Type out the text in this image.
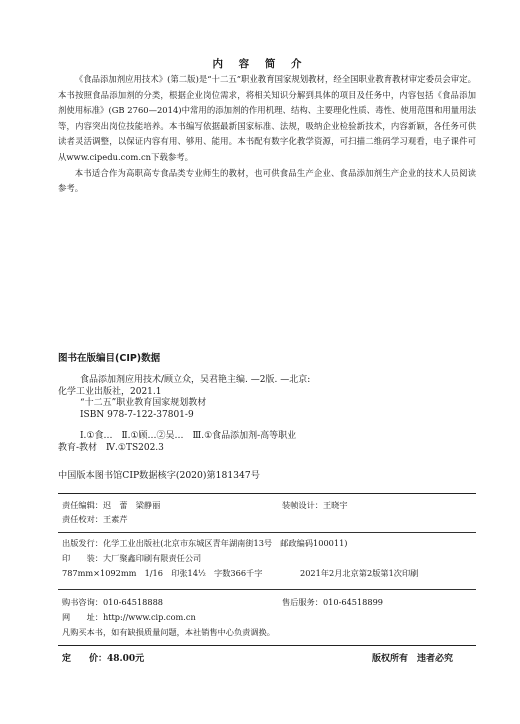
内 容 简 介

《食品添加剂应用技术》(第二版)是“十二五”职业教育国家规划教材，经全国职业教育教材审定委员会审定。本书按照食品添加剂的分类，根据企业岗位需求，将相关知识分解到具体的项目及任务中，内容包括《食品添加剂使用标准》(GB 2760—2014)中常用的添加剂的作用机理、结构、主要理化性质、毒性、使用范围和用量用法等，内容突出岗位技能培养。本书编写依据最新国家标准、法规，吸纳企业检验新技术，内容新颖，各任务可供读者灵活调整，以保证内容有用、够用、能用。本书配有数字化教学资源，可扫描二维码学习观看，电子课件可从www.cipedu.com.cn下载参考。

本书适合作为高职高专食品类专业师生的教材，也可供食品生产企业、食品添加剂生产企业的技术人员阅读参考。

图书在版编目(CIP)数据
食品添加剂应用技术/顾立众，吴君艳主编. —2版. —北京:
化学工业出版社，2021.1
“十二五”职业教育国家规划教材
ISBN 978-7-122-37801-9
Ⅰ.①食…　Ⅱ.①顾…②吴…　Ⅲ.①食品添加剂-高等职业
教育-教材　Ⅳ.①TS202.3
中国版本图书馆CIP数据核字(2020)第181347号
责任编辑：迟　蕾　梁静丽	装帧设计：王晓宇
责任校对：王素芹
出版发行：化学工业出版社(北京市东城区青年湖南街13号　邮政编码100011)
印　　装：大厂聚鑫印刷有限责任公司
787mm×1092mm　1/16　印张14½　字数366千字	2021年2月北京第2版第1次印刷
购书咨询：010-64518888	售后服务：010-64518899
网　　址：http://www.cip.com.cn
凡购买本书，如有缺损质量问题，本社销售中心负责调换。
定　　价：48.00元	版权所有　违者必究
